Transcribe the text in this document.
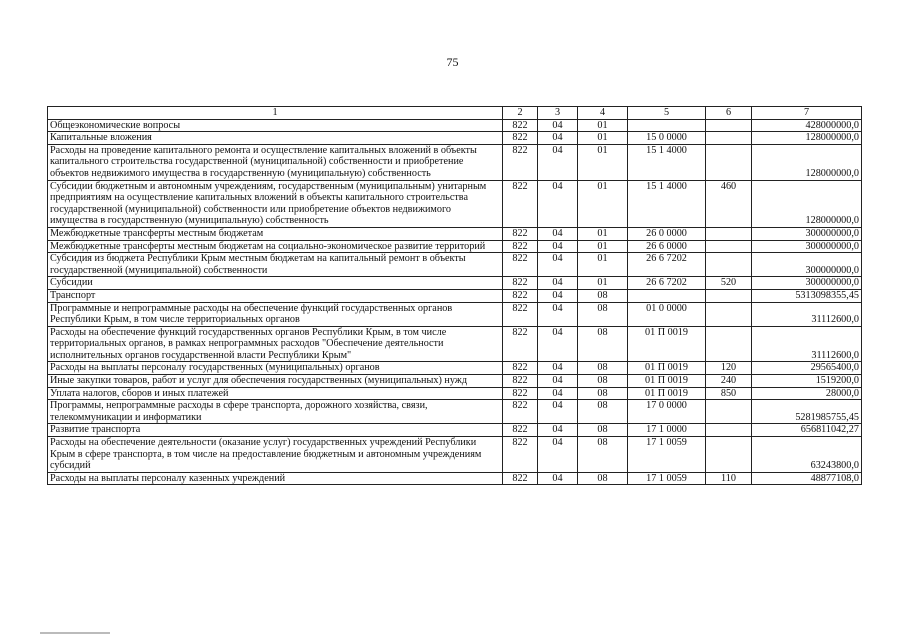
75
1	2	3	4	5	6	7
Общеэкономические вопросы	822	04	01			428000000,0
Капитальные вложения	822	04	01	15 0 0000		128000000,0
Расходы на проведение капитального ремонта и осуществление капитальных вложений в объекты капитального строительства государственной (муниципальной) собственности и приобретение объектов недвижимого имущества в государственную (муниципальную) собственность	822	04	01	15 1 4000		128000000,0
Субсидии бюджетным и автономным учреждениям, государственным (муниципальным) унитарным предприятиям на осуществление капитальных вложений в объекты капитального строительства государственной (муниципальной) собственности или приобретение объектов недвижимого имущества в государственную (муниципальную) собственность	822	04	01	15 1 4000	460	128000000,0
Межбюджетные трансферты местным бюджетам	822	04	01	26 0 0000		300000000,0
Межбюджетные трансферты местным бюджетам на социально-экономическое развитие территорий	822	04	01	26 6 0000		300000000,0
Субсидия из бюджета Республики Крым местным бюджетам на капитальный ремонт в объекты государственной (муниципальной) собственности	822	04	01	26 6 7202		300000000,0
Субсидии	822	04	01	26 6 7202	520	300000000,0
Транспорт	822	04	08			5313098355,45
Программные и непрограммные расходы на обеспечение функций государственных органов Республики Крым, в том числе территориальных органов	822	04	08	01 0 0000		31112600,0
Расходы на обеспечение функций государственных органов Республики Крым, в том числе территориальных органов, в рамках непрограммных расходов "Обеспечение деятельности исполнительных органов государственной власти Республики Крым"	822	04	08	01 П 0019		31112600,0
Расходы на выплаты персоналу государственных (муниципальных) органов	822	04	08	01 П 0019	120	29565400,0
Иные закупки товаров, работ и услуг для обеспечения государственных (муниципальных) нужд	822	04	08	01 П 0019	240	1519200,0
Уплата налогов, сборов и иных платежей	822	04	08	01 П 0019	850	28000,0
Программы, непрограммные расходы в сфере транспорта, дорожного хозяйства, связи, телекоммуникации и информатики	822	04	08	17 0 0000		5281985755,45
Развитие транспорта	822	04	08	17 1 0000		656811042,27
Расходы на обеспечение деятельности (оказание услуг) государственных учреждений Республики Крым в сфере транспорта, в том числе на предоставление бюджетным и автономным учреждениям субсидий	822	04	08	17 1 0059		63243800,0
Расходы на выплаты персоналу казенных учреждений	822	04	08	17 1 0059	110	48877108,0
